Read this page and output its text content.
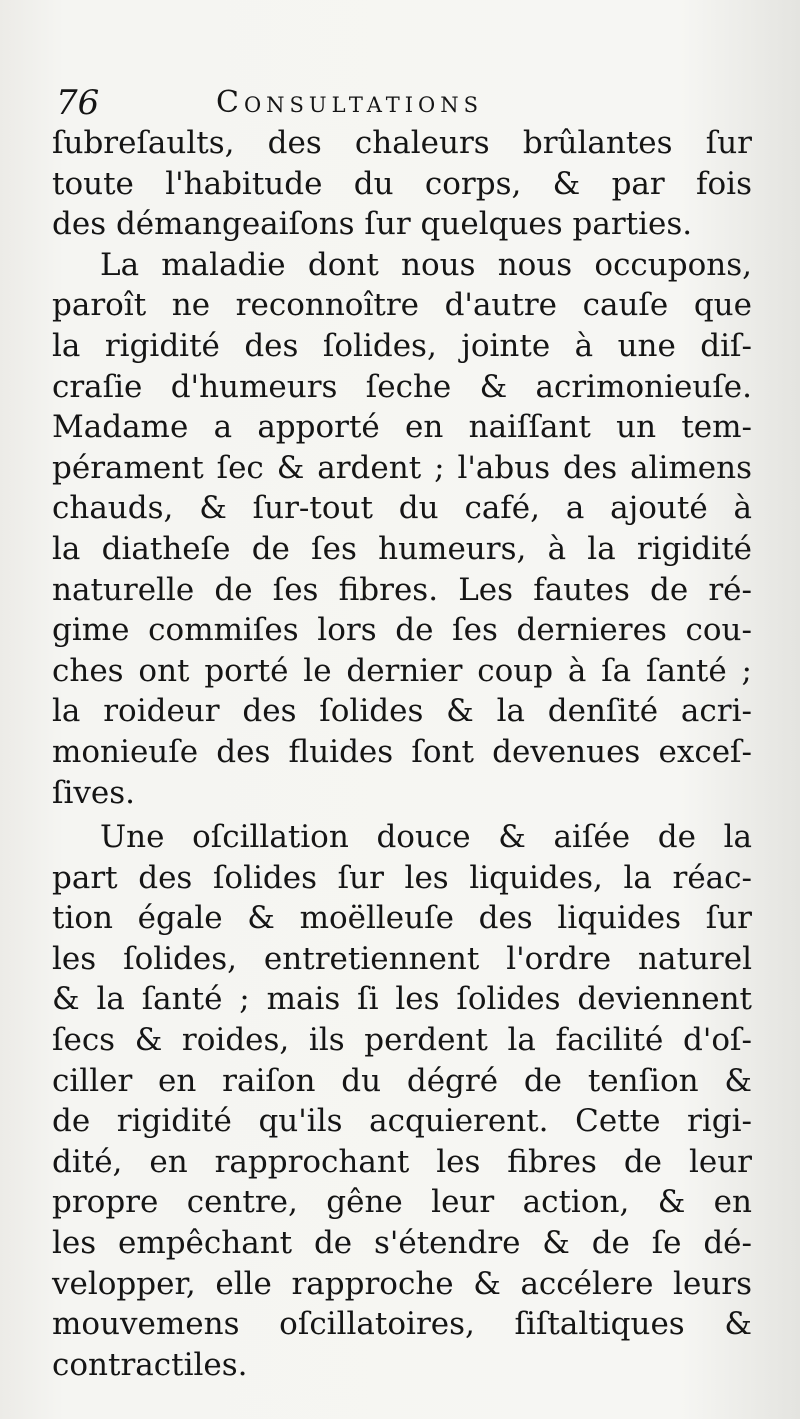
76	Consultations
ſubreſaults, des chaleurs brûlantes ſur
toute l'habitude du corps, & par fois
des démangeaiſons ſur quelques parties.
La maladie dont nous nous occupons,
paroît ne reconnoître d'autre cauſe que
la rigidité des ſolides, jointe à une diſ-
craſie d'humeurs ſeche & acrimonieuſe.
Madame a apporté en naiſſant un tem-
pérament ſec & ardent ; l'abus des alimens
chauds, & ſur-tout du café, a ajouté à
la diatheſe de ſes humeurs, à la rigidité
naturelle de ſes fibres. Les fautes de ré-
gime commiſes lors de ſes dernieres cou-
ches ont porté le dernier coup à ſa ſanté ;
la roideur des ſolides & la denſité acri-
monieuſe des fluides ſont devenues exceſ-
ſives.
Une oſcillation douce & aiſée de la
part des ſolides ſur les liquides, la réac-
tion égale & moëlleuſe des liquides ſur
les ſolides, entretiennent l'ordre naturel
& la ſanté ; mais ſi les ſolides deviennent
ſecs & roides, ils perdent la facilité d'oſ-
ciller en raiſon du dégré de tenſion &
de rigidité qu'ils acquierent. Cette rigi-
dité, en rapprochant les fibres de leur
propre centre, gêne leur action, & en
les empêchant de s'étendre & de ſe dé-
velopper, elle rapproche & accélere leurs
mouvemens oſcillatoires, ſiſtaltiques &
contractiles.
